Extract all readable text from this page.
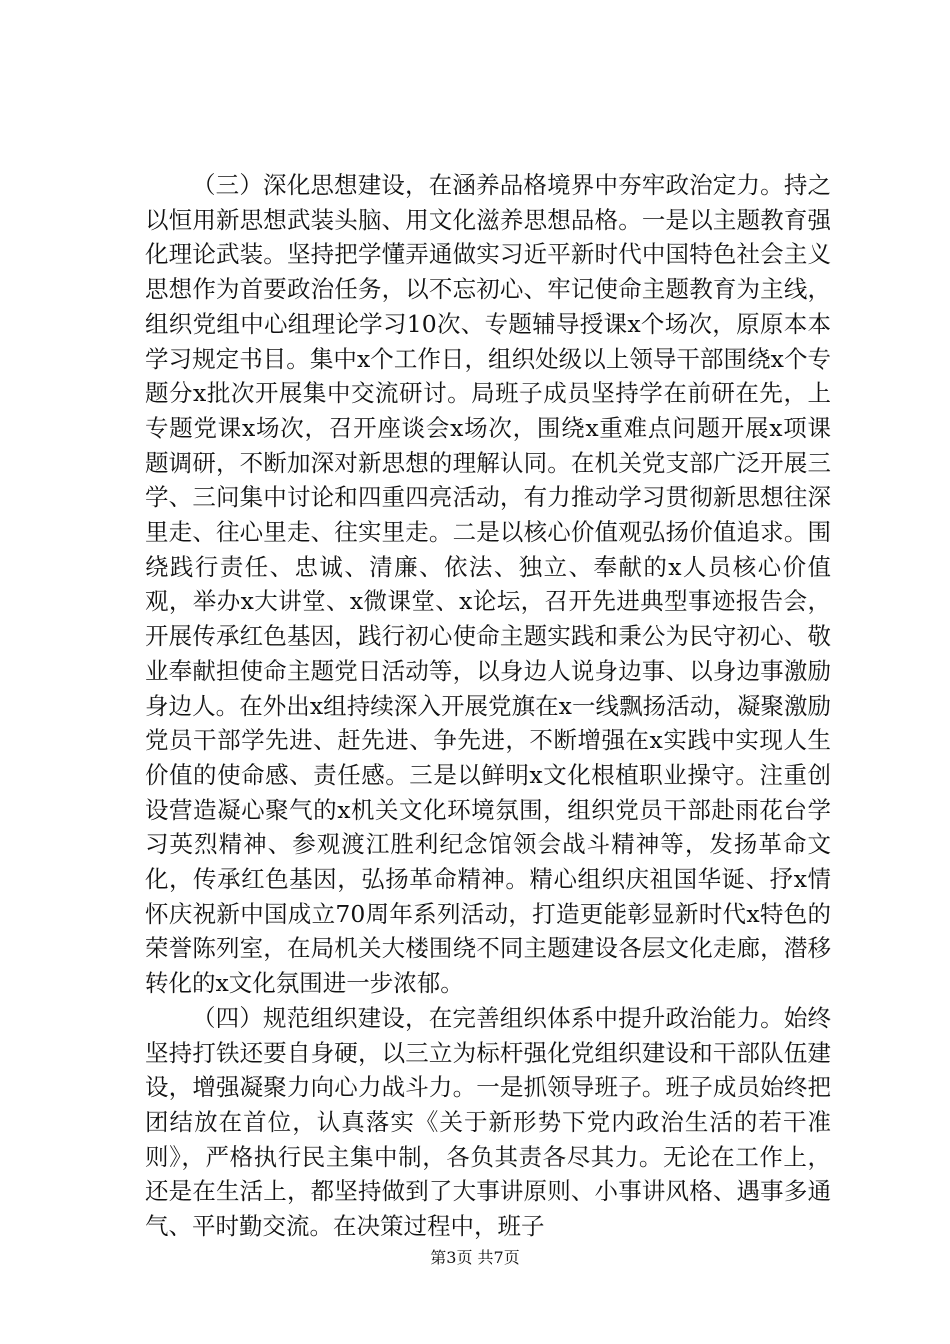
（三）深化思想建设，在涵养品格境界中夯牢政治定力。持之以恒用新思想武装头脑、用文化滋养思想品格。一是以主题教育强化理论武装。坚持把学懂弄通做实习近平新时代中国特色社会主义思想作为首要政治任务，以不忘初心、牢记使命主题教育为主线，组织党组中心组理论学习10次、专题辅导授课x个场次，原原本本学习规定书目。集中x个工作日，组织处级以上领导干部围绕x个专题分x批次开展集中交流研讨。局班子成员坚持学在前研在先，上专题党课x场次，召开座谈会x场次，围绕x重难点问题开展x项课题调研，不断加深对新思想的理解认同。在机关党支部广泛开展三学、三问集中讨论和四重四亮活动，有力推动学习贯彻新思想往深里走、往心里走、往实里走。二是以核心价值观弘扬价值追求。围绕践行责任、忠诚、清廉、依法、独立、奉献的x人员核心价值观，举办x大讲堂、x微课堂、x论坛，召开先进典型事迹报告会，开展传承红色基因，践行初心使命主题实践和秉公为民守初心、敬业奉献担使命主题党日活动等，以身边人说身边事、以身边事激励身边人。在外出x组持续深入开展党旗在x一线飘扬活动，凝聚激励党员干部学先进、赶先进、争先进，不断增强在x实践中实现人生价值的使命感、责任感。三是以鲜明x文化根植职业操守。注重创设营造凝心聚气的x机关文化环境氛围，组织党员干部赴雨花台学习英烈精神、参观渡江胜利纪念馆领会战斗精神等，发扬革命文化，传承红色基因，弘扬革命精神。精心组织庆祖国华诞、抒x情怀庆祝新中国成立70周年系列活动，打造更能彰显新时代x特色的荣誉陈列室，在局机关大楼围绕不同主题建设各层文化走廊，潜移转化的x文化氛围进一步浓郁。

（四）规范组织建设，在完善组织体系中提升政治能力。始终坚持打铁还要自身硬，以三立为标杆强化党组织建设和干部队伍建设，增强凝聚力向心力战斗力。一是抓领导班子。班子成员始终把团结放在首位，认真落实《关于新形势下党内政治生活的若干准则》，严格执行民主集中制，各负其责各尽其力。无论在工作上，还是在生活上，都坚持做到了大事讲原则、小事讲风格、遇事多通气、平时勤交流。在决策过程中，班子

第3页 共7页
